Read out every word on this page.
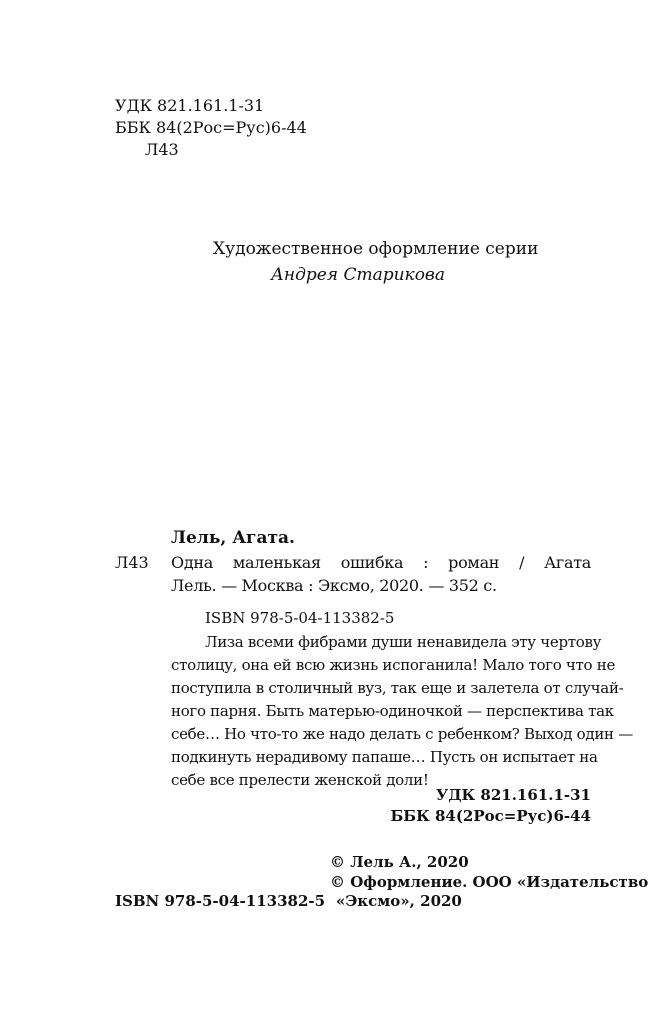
УДК 821.161.1-31
ББК 84(2Рос=Рус)6-44
Л43
Художественное оформление серии
Андрея Старикова
Лель, Агата.
Л43 Одна маленькая ошибка : роман / Агата
Лель. — Москва : Эксмо, 2020. — 352 с.
ISBN 978-5-04-113382-5
Лиза всеми фибрами души ненавидела эту чертову
столицу, она ей всю жизнь испоганила! Мало того что не
поступила в столичный вуз, так еще и залетела от случай-
ного парня. Быть матерью-одиночкой — перспектива так
себе… Но что-то же надо делать с ребенком? Выход один —
подкинуть нерадивому папаше… Пусть он испытает на
себе все прелести женской доли!
УДК 821.161.1-31
ББК 84(2Рос=Рус)6-44
© Лель А., 2020
© Оформление. ООО «Издательство
ISBN 978-5-04-113382-5 «Эксмо», 2020
